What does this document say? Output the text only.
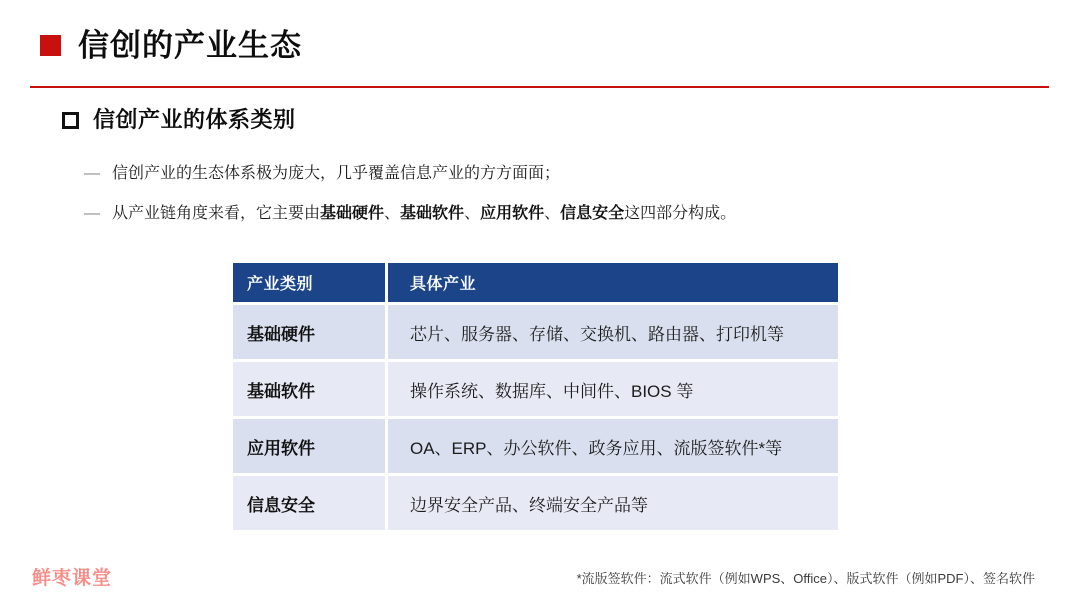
信创的产业生态
信创产业的体系类别
— 信创产业的生态体系极为庞大，几乎覆盖信息产业的方方面面；
— 从产业链角度来看，它主要由基础硬件、基础软件、应用软件、信息安全这四部分构成。
产业类别	具体产业
基础硬件	芯片、服务器、存储、交换机、路由器、打印机等
基础软件	操作系统、数据库、中间件、BIOS 等
应用软件	OA、ERP、办公软件、政务应用、流版签软件*等
信息安全	边界安全产品、终端安全产品等
鲜枣课堂	*流版签软件：流式软件（例如WPS、Office）、版式软件（例如PDF）、签名软件
